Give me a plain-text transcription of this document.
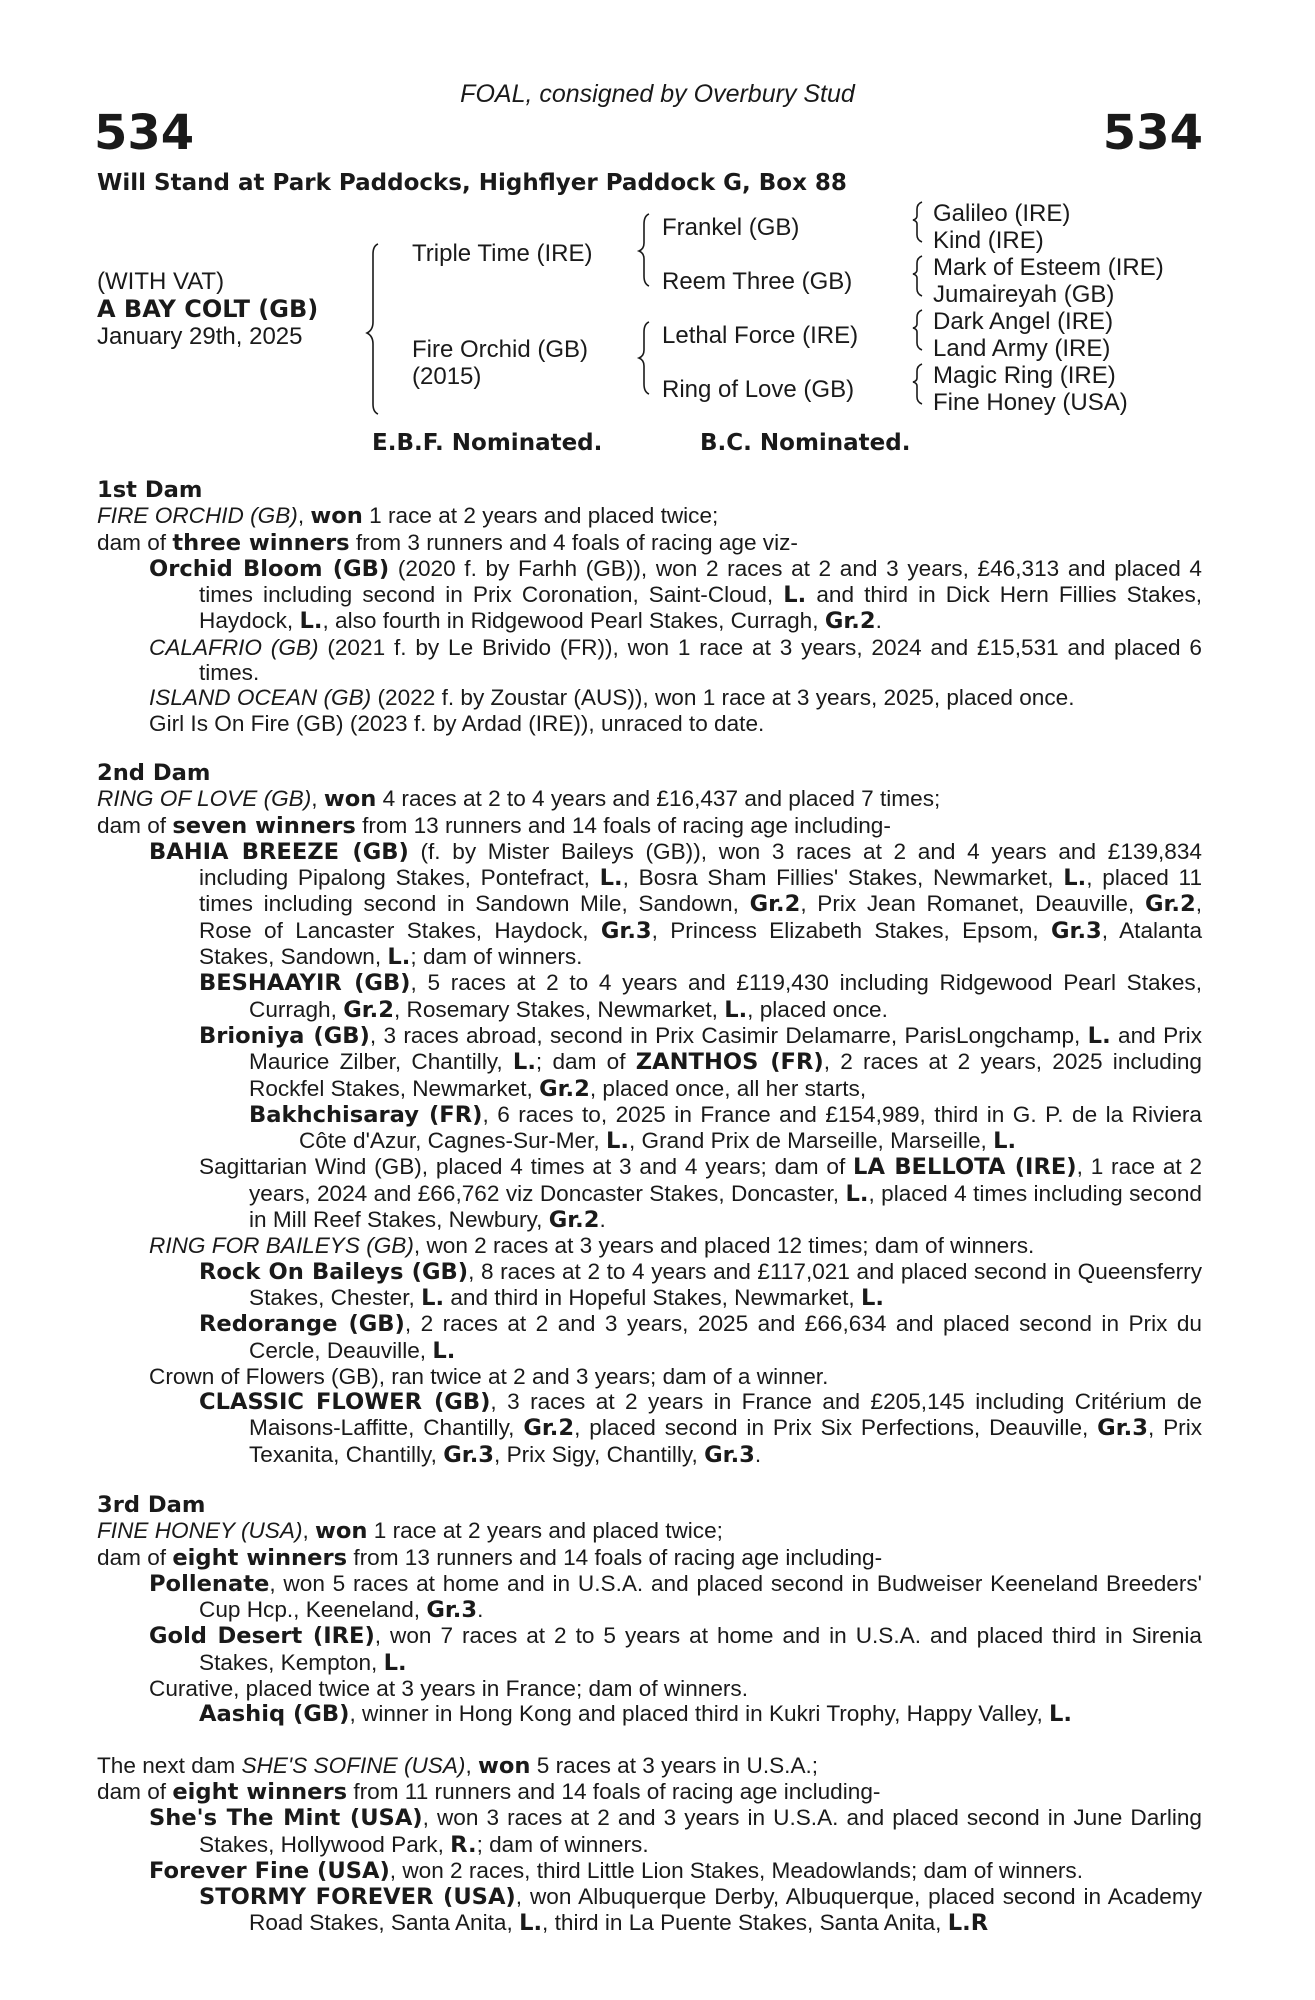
FOAL, consigned by Overbury Stud
534	534
Will Stand at Park Paddocks, Highflyer Paddock G, Box 88
(WITH VAT)
A BAY COLT (GB)
January 29th, 2025
Triple Time (IRE)
Fire Orchid (GB)
(2015)
Frankel (GB)
Reem Three (GB)
Lethal Force (IRE)
Ring of Love (GB)
Galileo (IRE)
Kind (IRE)
Mark of Esteem (IRE)
Jumaireyah (GB)
Dark Angel (IRE)
Land Army (IRE)
Magic Ring (IRE)
Fine Honey (USA)
E.B.F. Nominated.	B.C. Nominated.

1st Dam

FIRE ORCHID (GB), won 1 race at 2 years and placed twice;

dam of three winners from 3 runners and 4 foals of racing age viz-

Orchid Bloom (GB) (2020 f. by Farhh (GB)), won 2 races at 2 and 3 years, £46,313 and placed 4 times including second in Prix Coronation, Saint-Cloud, L. and third in Dick Hern Fillies Stakes, Haydock, L., also fourth in Ridgewood Pearl Stakes, Curragh, Gr.2.

CALAFRIO (GB) (2021 f. by Le Brivido (FR)), won 1 race at 3 years, 2024 and £15,531 and placed 6 times.

ISLAND OCEAN (GB) (2022 f. by Zoustar (AUS)), won 1 race at 3 years, 2025, placed once.

Girl Is On Fire (GB) (2023 f. by Ardad (IRE)), unraced to date.

2nd Dam

RING OF LOVE (GB), won 4 races at 2 to 4 years and £16,437 and placed 7 times;

dam of seven winners from 13 runners and 14 foals of racing age including-

BAHIA BREEZE (GB) (f. by Mister Baileys (GB)), won 3 races at 2 and 4 years and £139,834 including Pipalong Stakes, Pontefract, L., Bosra Sham Fillies' Stakes, Newmarket, L., placed 11 times including second in Sandown Mile, Sandown, Gr.2, Prix Jean Romanet, Deauville, Gr.2, Rose of Lancaster Stakes, Haydock, Gr.3, Princess Elizabeth Stakes, Epsom, Gr.3, Atalanta Stakes, Sandown, L.; dam of winners.

BESHAAYIR (GB), 5 races at 2 to 4 years and £119,430 including Ridgewood Pearl Stakes, Curragh, Gr.2, Rosemary Stakes, Newmarket, L., placed once.

Brioniya (GB), 3 races abroad, second in Prix Casimir Delamarre, ParisLongchamp, L. and Prix Maurice Zilber, Chantilly, L.; dam of ZANTHOS (FR), 2 races at 2 years, 2025 including Rockfel Stakes, Newmarket, Gr.2, placed once, all her starts,

Bakhchisaray (FR), 6 races to, 2025 in France and £154,989, third in G. P. de la Riviera Côte d'Azur, Cagnes-Sur-Mer, L., Grand Prix de Marseille, Marseille, L.

Sagittarian Wind (GB), placed 4 times at 3 and 4 years; dam of LA BELLOTA (IRE), 1 race at 2 years, 2024 and £66,762 viz Doncaster Stakes, Doncaster, L., placed 4 times including second in Mill Reef Stakes, Newbury, Gr.2.

RING FOR BAILEYS (GB), won 2 races at 3 years and placed 12 times; dam of winners.

Rock On Baileys (GB), 8 races at 2 to 4 years and £117,021 and placed second in Queensferry Stakes, Chester, L. and third in Hopeful Stakes, Newmarket, L.

Redorange (GB), 2 races at 2 and 3 years, 2025 and £66,634 and placed second in Prix du Cercle, Deauville, L.

Crown of Flowers (GB), ran twice at 2 and 3 years; dam of a winner.

CLASSIC FLOWER (GB), 3 races at 2 years in France and £205,145 including Critérium de Maisons-Laffitte, Chantilly, Gr.2, placed second in Prix Six Perfections, Deauville, Gr.3, Prix Texanita, Chantilly, Gr.3, Prix Sigy, Chantilly, Gr.3.

3rd Dam

FINE HONEY (USA), won 1 race at 2 years and placed twice;

dam of eight winners from 13 runners and 14 foals of racing age including-

Pollenate, won 5 races at home and in U.S.A. and placed second in Budweiser Keeneland Breeders' Cup Hcp., Keeneland, Gr.3.

Gold Desert (IRE), won 7 races at 2 to 5 years at home and in U.S.A. and placed third in Sirenia Stakes, Kempton, L.

Curative, placed twice at 3 years in France; dam of winners.

Aashiq (GB), winner in Hong Kong and placed third in Kukri Trophy, Happy Valley, L.

The next dam SHE'S SOFINE (USA), won 5 races at 3 years in U.S.A.;

dam of eight winners from 11 runners and 14 foals of racing age including-

She's The Mint (USA), won 3 races at 2 and 3 years in U.S.A. and placed second in June Darling Stakes, Hollywood Park, R.; dam of winners.

Forever Fine (USA), won 2 races, third Little Lion Stakes, Meadowlands; dam of winners.

STORMY FOREVER (USA), won Albuquerque Derby, Albuquerque, placed second in Academy Road Stakes, Santa Anita, L., third in La Puente Stakes, Santa Anita, L.R
